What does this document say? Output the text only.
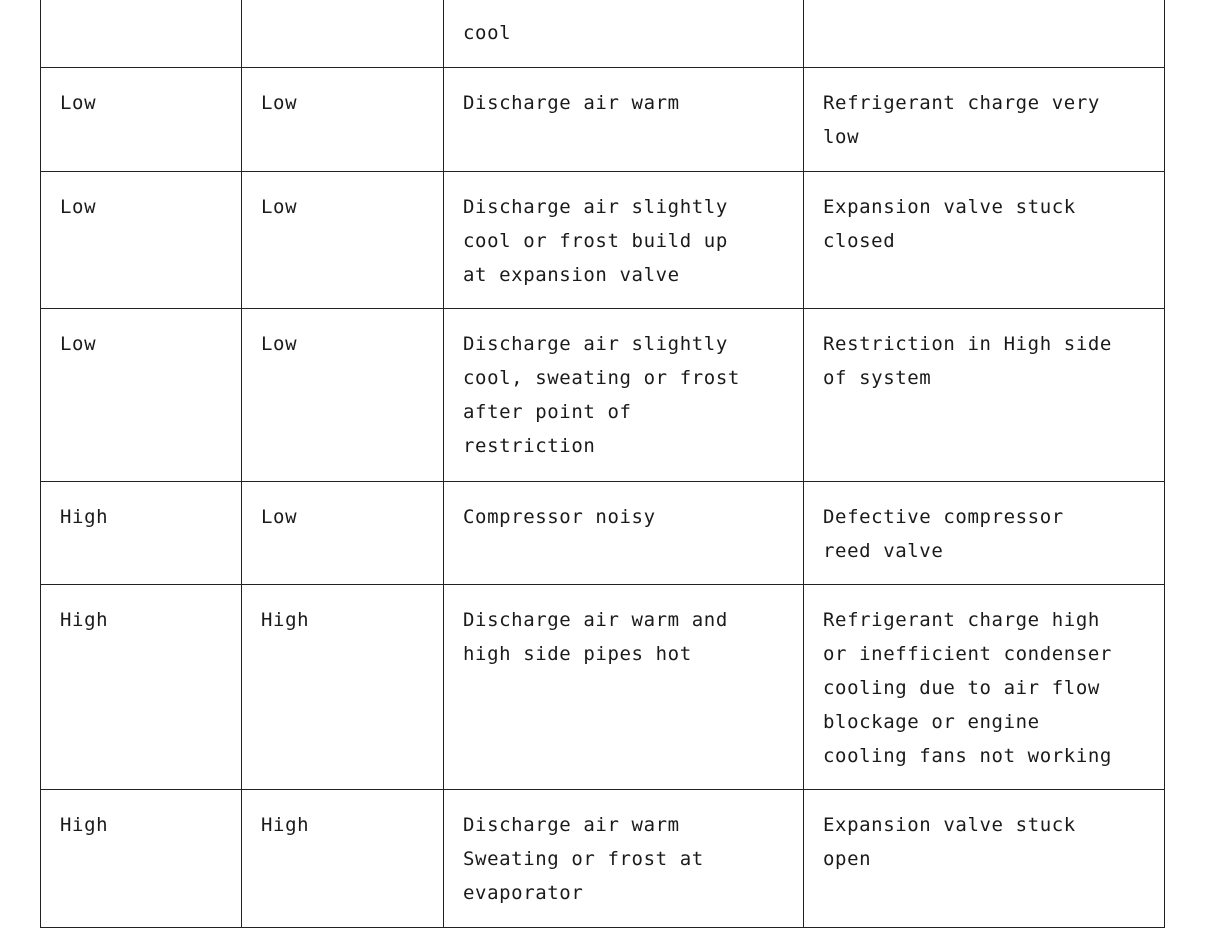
		cool	
Low	Low	Discharge air warm	Refrigerant charge very
low
Low	Low	Discharge air slightly
cool or frost build up
at expansion valve	Expansion valve stuck
closed
Low	Low	Discharge air slightly
cool, sweating or frost
after point of
restriction	Restriction in High side
of system
High	Low	Compressor noisy	Defective compressor
reed valve
High	High	Discharge air warm and
high side pipes hot	Refrigerant charge high
or inefficient condenser
cooling due to air flow
blockage or engine
cooling fans not working
High	High	Discharge air warm
Sweating or frost at
evaporator	Expansion valve stuck
open
